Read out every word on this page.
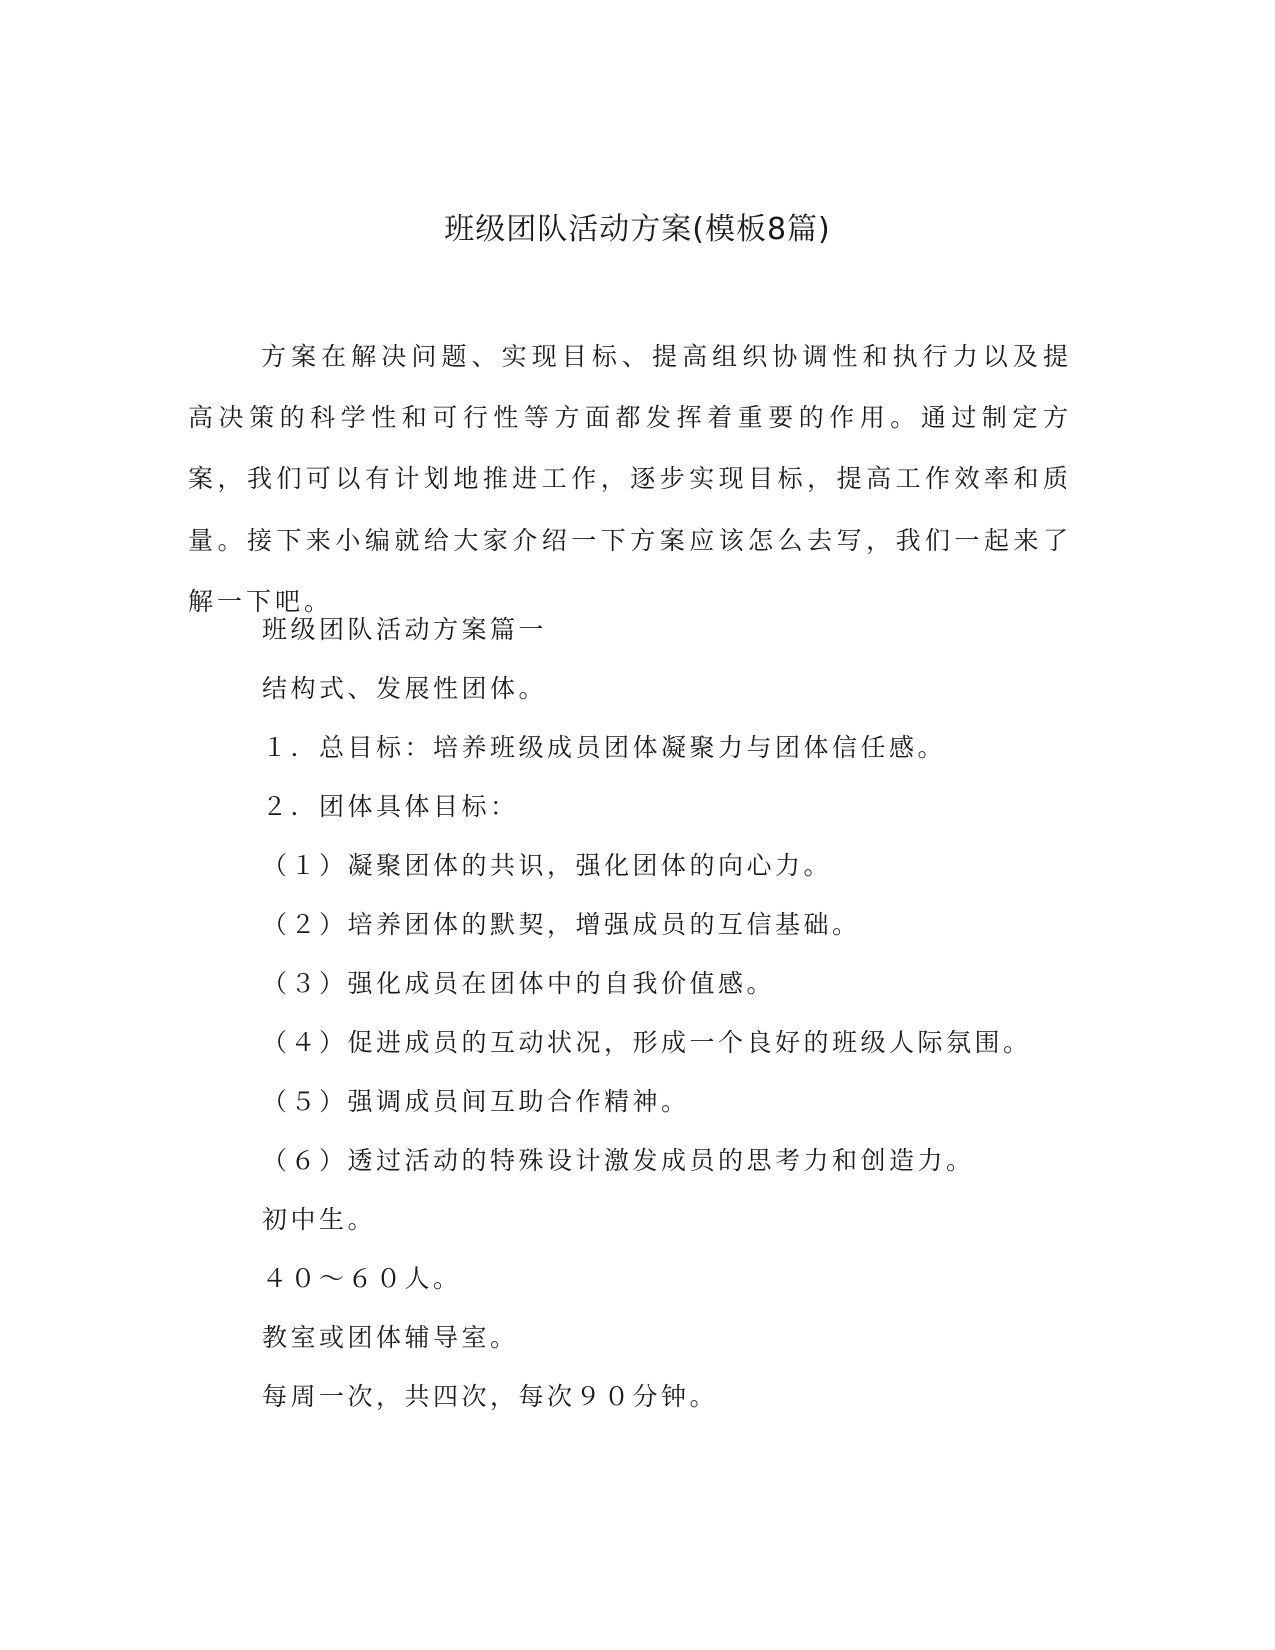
班级团队活动方案(模板8篇)
方案在解决问题、实现目标、提高组织协调性和执行力以及提高决策的科学性和可行性等方面都发挥着重要的作用。通过制定方案，我们可以有计划地推进工作，逐步实现目标，提高工作效率和质量。接下来小编就给大家介绍一下方案应该怎么去写，我们一起来了解一下吧。
班级团队活动方案篇一
结构式、发展性团体。
１．总目标：培养班级成员团体凝聚力与团体信任感。
２．团体具体目标：
（１）凝聚团体的共识，强化团体的向心力。
（２）培养团体的默契，增强成员的互信基础。
（３）强化成员在团体中的自我价值感。
（４）促进成员的互动状况，形成一个良好的班级人际氛围。
（５）强调成员间互助合作精神。
（６）透过活动的特殊设计激发成员的思考力和创造力。
初中生。
４０～６０人。
教室或团体辅导室。
每周一次，共四次，每次９０分钟。
